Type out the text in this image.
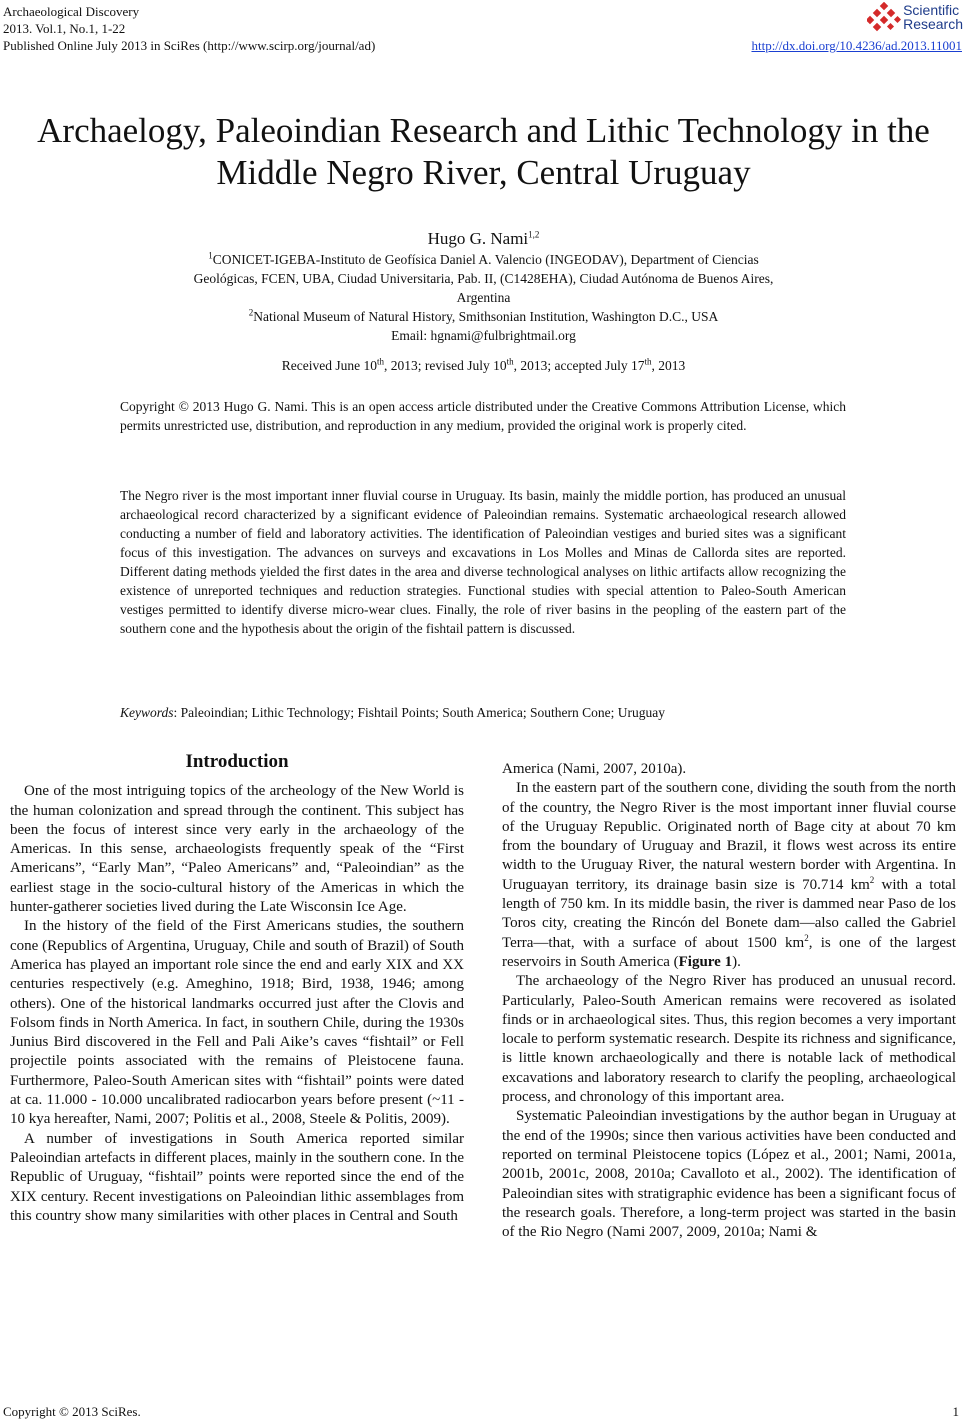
Archaeological Discovery
2013. Vol.1, No.1, 1-22
Published Online July 2013 in SciRes (http://www.scirp.org/journal/ad)
Scientific
Research
http://dx.doi.org/10.4236/ad.2013.11001
Archaelogy, Paleoindian Research and Lithic Technology in the
Middle Negro River, Central Uruguay
Hugo G. Nami$^{1,2}$
$^1$CONICET-IGEBA-Instituto de Geofísica Daniel A. Valencio (INGEODAV), Department of Ciencias
Geológicas, FCEN, UBA, Ciudad Universitaria, Pab. II, (C1428EHA), Ciudad Autónoma de Buenos Aires,
Argentina
$^2$National Museum of Natural History, Smithsonian Institution, Washington D.C., USA
Email: hgnami@fulbrightmail.org
Received June 10th, 2013; revised July 10th, 2013; accepted July 17th, 2013
Copyright © 2013 Hugo G. Nami. This is an open access article distributed under the Creative Commons Attribution License, which permits unrestricted use, distribution, and reproduction in any medium, provided the original work is properly cited.
The Negro river is the most important inner fluvial course in Uruguay. Its basin, mainly the middle portion, has produced an unusual archaeological record characterized by a significant evidence of Paleoindian remains. Systematic archaeological research allowed conducting a number of field and laboratory activities. The identification of Paleoindian vestiges and buried sites was a significant focus of this investigation. The advances on surveys and excavations in Los Molles and Minas de Callorda sites are reported. Different dating methods yielded the first dates in the area and diverse technological analyses on lithic artifacts allow recognizing the existence of unreported techniques and reduction strategies. Functional studies with special attention to Paleo-South American vestiges permitted to identify diverse micro-wear clues. Finally, the role of river basins in the peopling of the eastern part of the southern cone and the hypothesis about the origin of the fishtail pattern is discussed.
Keywords: Paleoindian; Lithic Technology; Fishtail Points; South America; Southern Cone; Uruguay
Introduction

One of the most intriguing topics of the archeology of the New World is the human colonization and spread through the continent. This subject has been the focus of interest since very early in the archaeology of the Americas. In this sense, archaeologists frequently speak of the “First Americans”, “Early Man”, “Paleo Americans” and, “Paleoindian” as the earliest stage in the socio-cultural history of the Americas in which the hunter-gatherer societies lived during the Late Wisconsin Ice Age.

In the history of the field of the First Americans studies, the southern cone (Republics of Argentina, Uruguay, Chile and south of Brazil) of South America has played an important role since the end and early XIX and XX centuries respectively (e.g. Ameghino, 1918; Bird, 1938, 1946; among others). One of the historical landmarks occurred just after the Clovis and Folsom finds in North America. In fact, in southern Chile, during the 1930s Junius Bird discovered in the Fell and Pali Aike’s caves “fishtail” or Fell projectile points associated with the remains of Pleistocene fauna. Furthermore, Paleo-South American sites with “fishtail” points were dated at ca. 11.000 - 10.000 uncalibrated radiocarbon years before present (~11 - 10 kya hereafter, Nami, 2007; Politis et al., 2008, Steele & Politis, 2009).

A number of investigations in South America reported similar Paleoindian artefacts in different places, mainly in the southern cone. In the Republic of Uruguay, “fishtail” points were reported since the end of the XIX century. Recent investigations on Paleoindian lithic assemblages from this country show many similarities with other places in Central and South

America (Nami, 2007, 2010a).

In the eastern part of the southern cone, dividing the south from the north of the country, the Negro River is the most important inner fluvial course of the Uruguay Republic. Originated north of Bage city at about 70 km from the boundary of Uruguay and Brazil, it flows west across its entire width to the Uruguay River, the natural western border with Argentina. In Uruguayan territory, its drainage basin size is 70.714 $km^2$ with a total length of 750 km. In its middle basin, the river is dammed near Paso de los Toros city, creating the Rincón del Bonete dam—also called the Gabriel Terra—that, with a surface of about 1500 $km^2$, is one of the largest reservoirs in South America (Figure 1).

The archaeology of the Negro River has produced an unusual record. Particularly, Paleo-South American remains were recovered as isolated finds or in archaeological sites. Thus, this region becomes a very important locale to perform systematic research. Despite its richness and significance, is little known archaeologically and there is notable lack of methodical excavations and laboratory research to clarify the peopling, archaeological process, and chronology of this important area.

Systematic Paleoindian investigations by the author began in Uruguay at the end of the 1990s; since then various activities have been conducted and reported on terminal Pleistocene topics (López et al., 2001; Nami, 2001a, 2001b, 2001c, 2008, 2010a; Cavalloto et al., 2002). The identification of Paleoindian sites with stratigraphic evidence has been a significant focus of the research goals. Therefore, a long-term project was started in the basin of the Rio Negro (Nami 2007, 2009, 2010a; Nami &

Copyright © 2013 SciRes.	1
